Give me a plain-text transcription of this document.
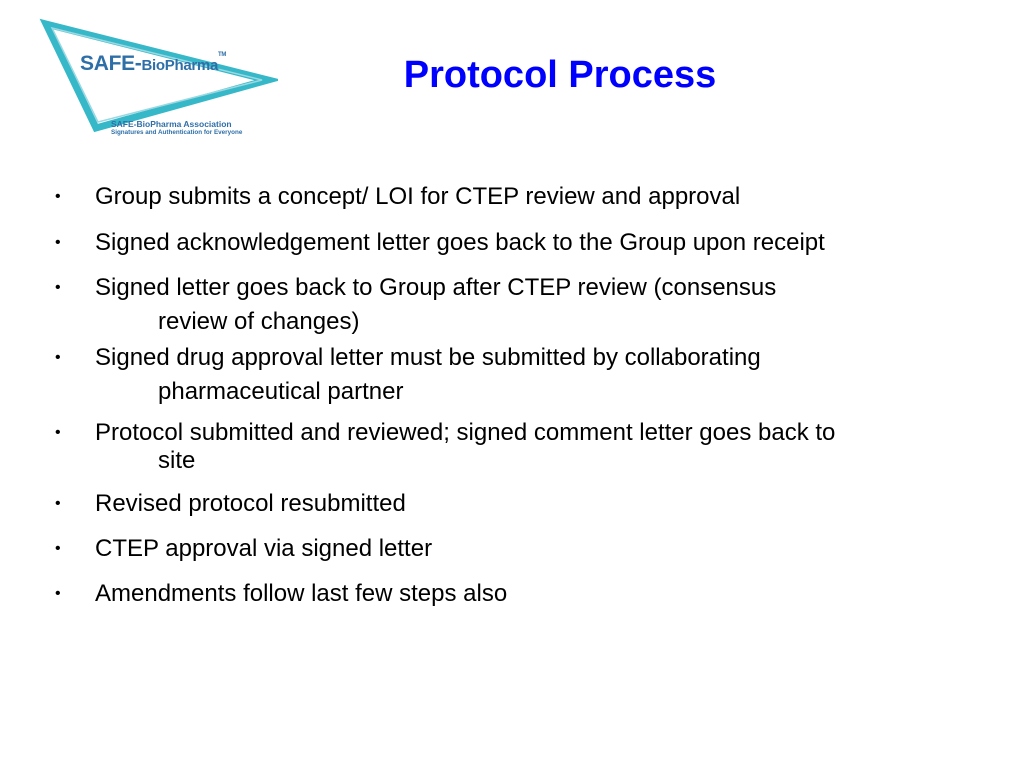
SAFE-BioPharma™
SAFE-BioPharma Association
Signatures and Authentication for Everyone
Protocol Process
• Group submits a concept/ LOI for CTEP review and approval
• Signed acknowledgement letter goes back to the Group upon receipt
• Signed letter goes back to Group after CTEP review (consensus
review of changes)
• Signed drug approval letter must be submitted by collaborating
pharmaceutical partner
• Protocol submitted and reviewed; signed comment letter goes back to
site
• Revised protocol resubmitted
• CTEP approval via signed letter
• Amendments follow last few steps also
